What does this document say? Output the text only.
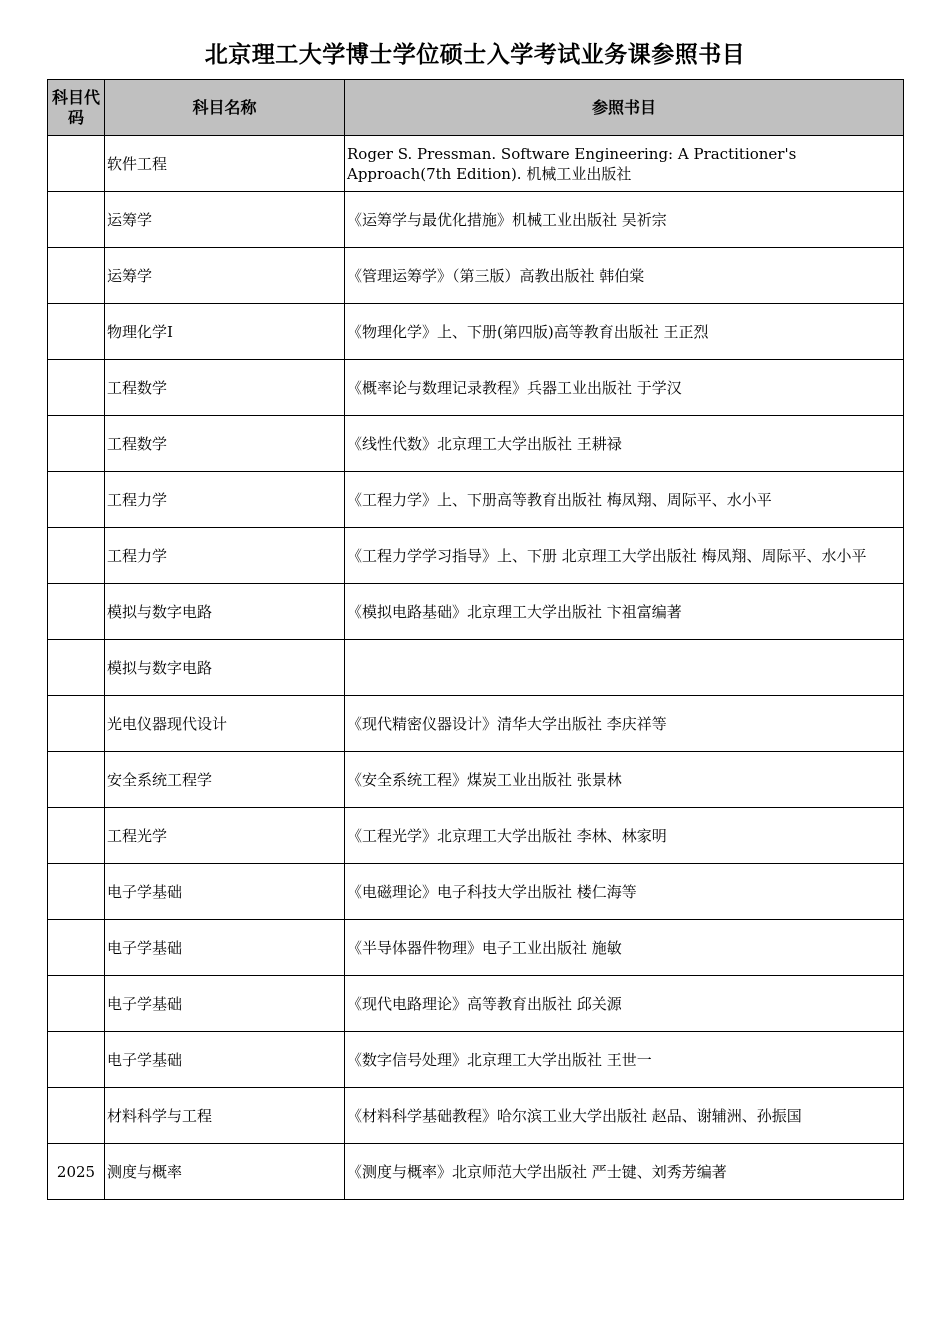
北京理工大学博士学位硕士入学考试业务课参照书目
科目代码	科目名称	参照书目
	软件工程	Roger S. Pressman. Software Engineering: A Practitioner's Approach(7th Edition). 机械工业出版社
	运筹学	《运筹学与最优化措施》机械工业出版社 吴祈宗
	运筹学	《管理运筹学》（第三版）高教出版社 韩伯棠
	物理化学Ⅰ	《物理化学》上、下册(第四版)高等教育出版社 王正烈
	工程数学	《概率论与数理记录教程》兵器工业出版社 于学汉
	工程数学	《线性代数》北京理工大学出版社 王耕禄
	工程力学	《工程力学》上、下册高等教育出版社 梅凤翔、周际平、水小平
	工程力学	《工程力学学习指导》上、下册 北京理工大学出版社 梅凤翔、周际平、水小平
	模拟与数字电路	《模拟电路基础》北京理工大学出版社 卞祖富编著
	模拟与数字电路	
	光电仪器现代设计	《现代精密仪器设计》清华大学出版社 李庆祥等
	安全系统工程学	《安全系统工程》煤炭工业出版社 张景林
	工程光学	《工程光学》北京理工大学出版社 李林、林家明
	电子学基础	《电磁理论》电子科技大学出版社 楼仁海等
	电子学基础	《半导体器件物理》电子工业出版社 施敏
	电子学基础	《现代电路理论》高等教育出版社 邱关源
	电子学基础	《数字信号处理》北京理工大学出版社 王世一
	材料科学与工程	《材料科学基础教程》哈尔滨工业大学出版社 赵品、谢辅洲、孙振国
2025	测度与概率	《测度与概率》北京师范大学出版社 严士键、刘秀芳编著
